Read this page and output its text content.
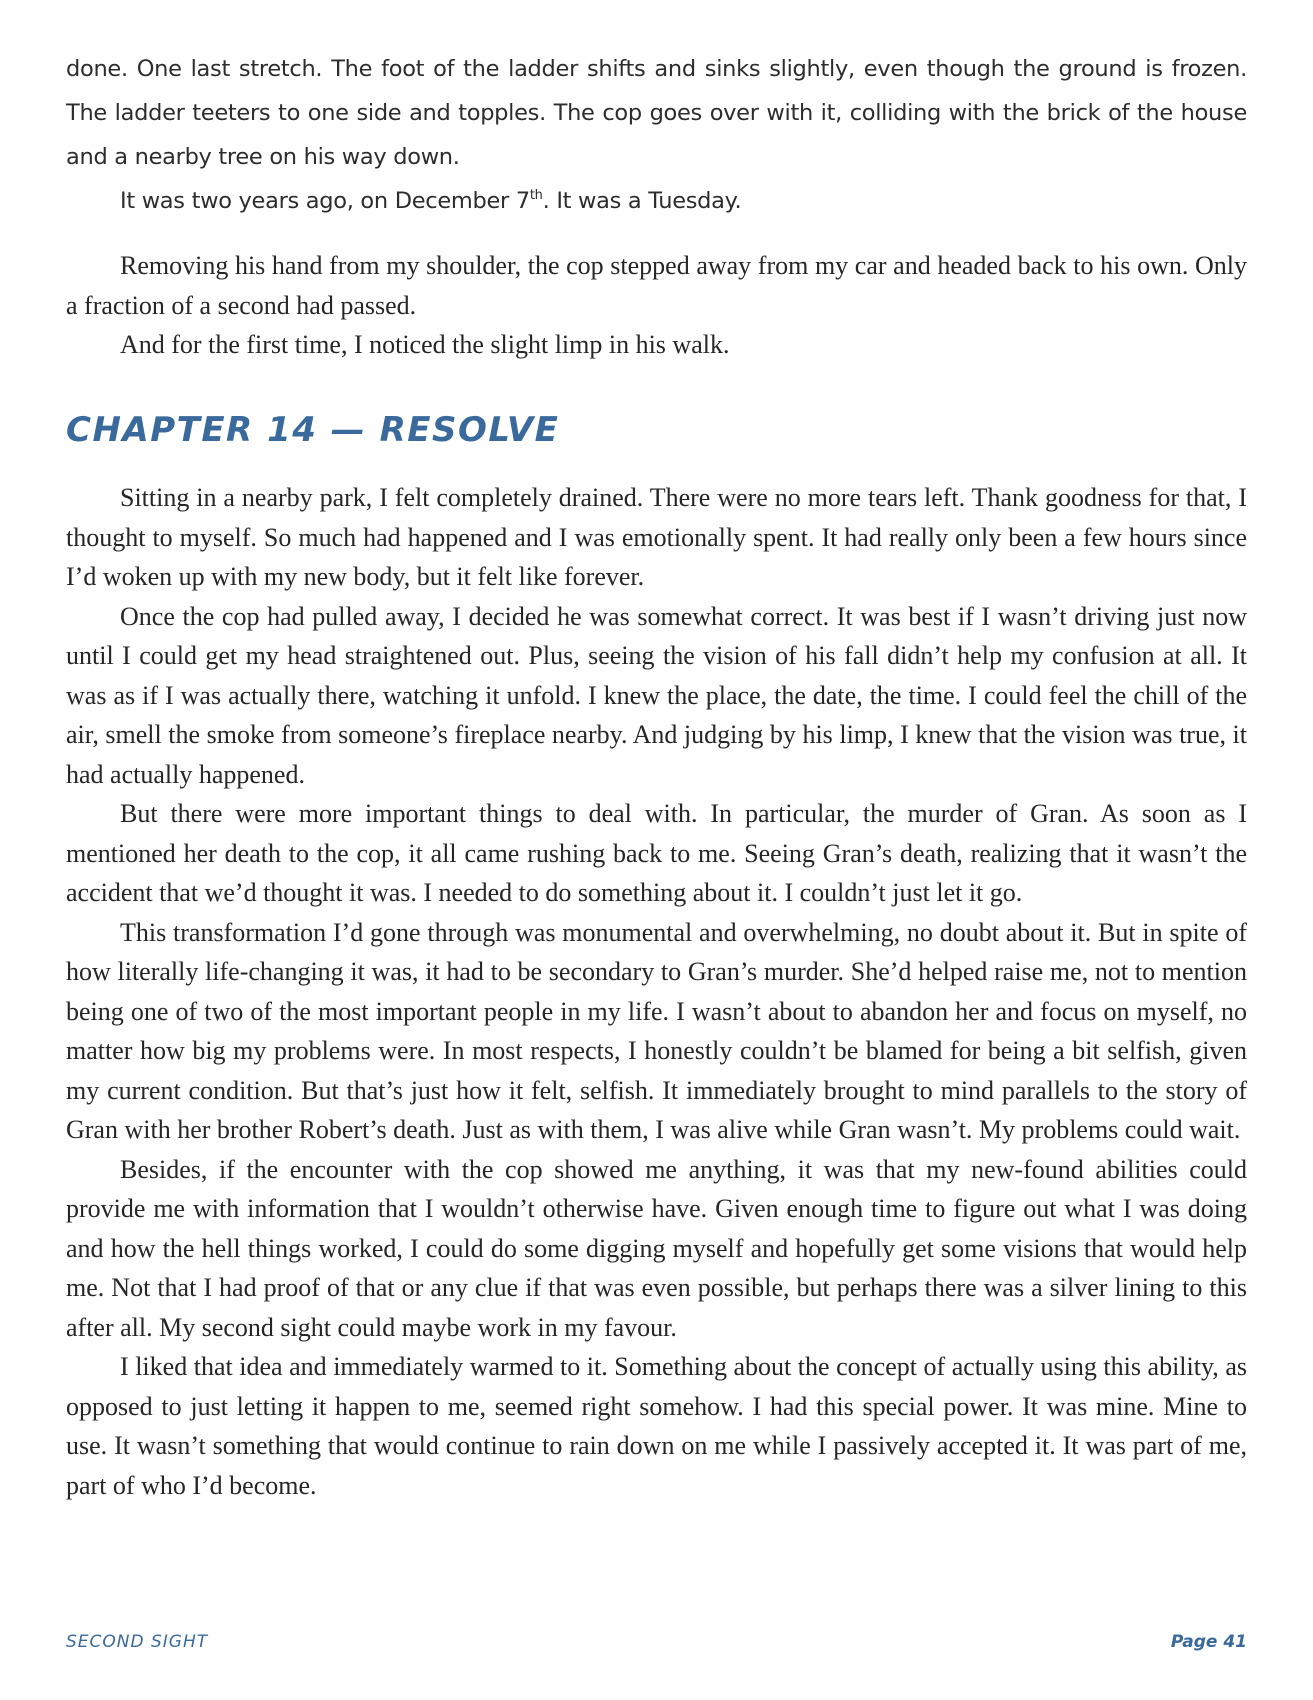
done. One last stretch. The foot of the ladder shifts and sinks slightly, even though the ground is frozen. The ladder teeters to one side and topples. The cop goes over with it, colliding with the brick of the house and a nearby tree on his way down.

It was two years ago, on December 7th. It was a Tuesday.

Removing his hand from my shoulder, the cop stepped away from my car and headed back to his own. Only a fraction of a second had passed.

And for the first time, I noticed the slight limp in his walk.

CHAPTER 14 — RESOLVE

Sitting in a nearby park, I felt completely drained. There were no more tears left. Thank goodness for that, I thought to myself. So much had happened and I was emotionally spent. It had really only been a few hours since I’d woken up with my new body, but it felt like forever.

Once the cop had pulled away, I decided he was somewhat correct. It was best if I wasn’t driving just now until I could get my head straightened out. Plus, seeing the vision of his fall didn’t help my confusion at all. It was as if I was actually there, watching it unfold. I knew the place, the date, the time. I could feel the chill of the air, smell the smoke from someone’s fireplace nearby. And judging by his limp, I knew that the vision was true, it had actually happened.

But there were more important things to deal with. In particular, the murder of Gran. As soon as I mentioned her death to the cop, it all came rushing back to me. Seeing Gran’s death, realizing that it wasn’t the accident that we’d thought it was. I needed to do something about it. I couldn’t just let it go.

This transformation I’d gone through was monumental and overwhelming, no doubt about it. But in spite of how literally life-changing it was, it had to be secondary to Gran’s murder. She’d helped raise me, not to mention being one of two of the most important people in my life. I wasn’t about to abandon her and focus on myself, no matter how big my problems were. In most respects, I honestly couldn’t be blamed for being a bit selfish, given my current condition. But that’s just how it felt, selfish. It immediately brought to mind parallels to the story of Gran with her brother Robert’s death. Just as with them, I was alive while Gran wasn’t. My problems could wait.

Besides, if the encounter with the cop showed me anything, it was that my new-found abilities could provide me with information that I wouldn’t otherwise have. Given enough time to figure out what I was doing and how the hell things worked, I could do some digging myself and hopefully get some visions that would help me. Not that I had proof of that or any clue if that was even possible, but perhaps there was a silver lining to this after all. My second sight could maybe work in my favour.

I liked that idea and immediately warmed to it. Something about the concept of actually using this ability, as opposed to just letting it happen to me, seemed right somehow. I had this special power. It was mine. Mine to use. It wasn’t something that would continue to rain down on me while I passively accepted it. It was part of me, part of who I’d become.

SECOND SIGHT	Page 41
